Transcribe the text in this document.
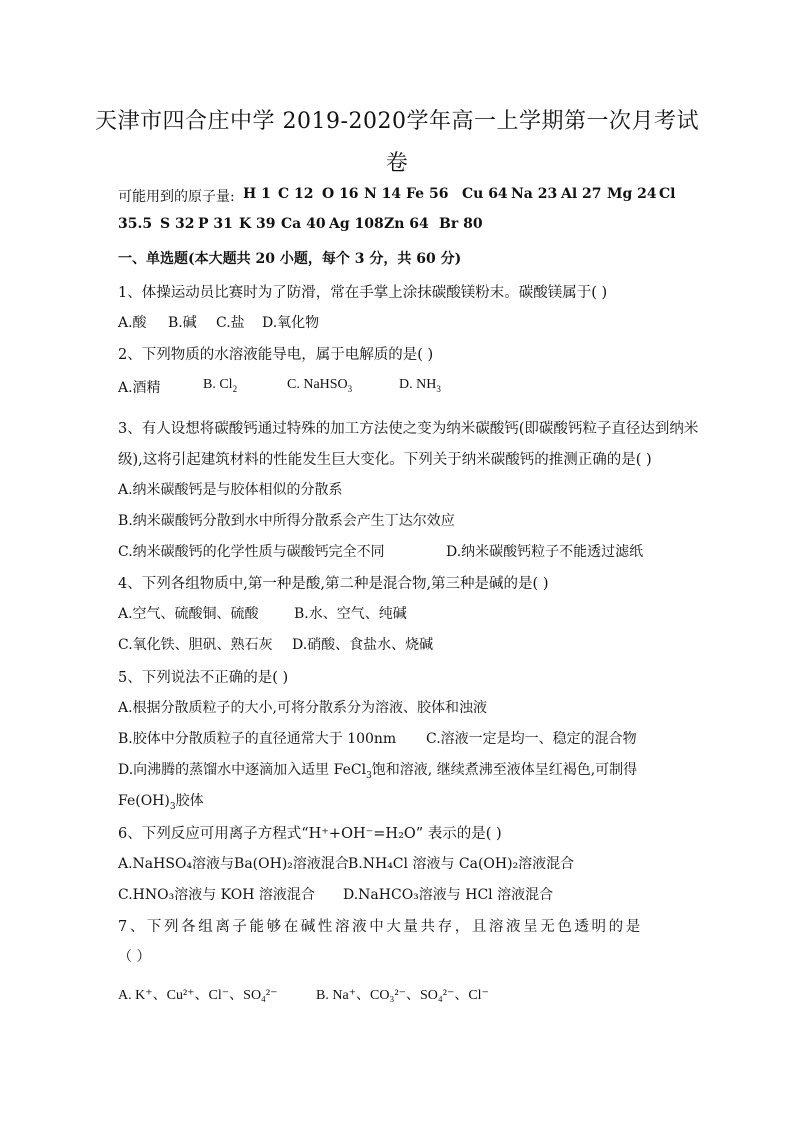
天津市四合庄中学 2019-2020学年高一上学期第一次月考试
卷
可能用到的原子量: H 1 C 12 O 16 N 14 Fe 56 Cu 64 Na 23 Al 27 Mg 24 Cl
35.5 S 32 P 31 K 39 Ca 40 Ag 108 Zn 64 Br 80
一、单选题(本大题共 20 小题，每个 3 分，共 60 分)
1、体操运动员比赛时为了防滑，常在手掌上涂抹碳酸镁粉末。碳酸镁属于( )
A.酸 B.碱 C.盐 D.氧化物
2、下列物质的水溶液能导电，属于电解质的是( )
A.酒精	B. $Cl_2$	C. NaHSO$_3$	D. $NH_3$
3、有人设想将碳酸钙通过特殊的加工方法使之变为纳米碳酸钙(即碳酸钙粒子直径达到纳米
级),这将引起建筑材料的性能发生巨大变化。下列关于纳米碳酸钙的推测正确的是( )
A.纳米碳酸钙是与胶体相似的分散系
B.纳米碳酸钙分散到水中所得分散系会产生丁达尔效应
C.纳米碳酸钙的化学性质与碳酸钙完全不同	D.纳米碳酸钙粒子不能透过滤纸
4、下列各组物质中,第一种是酸,第二种是混合物,第三种是碱的是( )
A.空气、硫酸铜、硫酸	B.水、空气、纯碱
C.氧化铁、胆矾、熟石灰 D.硝酸、食盐水、烧碱
5、下列说法不正确的是( )
A.根据分散质粒子的大小,可将分散系分为溶液、胶体和浊液
B.胶体中分散质粒子的直径通常大于 100nm C.溶液一定是均一、稳定的混合物
D.向沸腾的蒸馏水中逐滴加入适里 FeCl$_3$饱和溶液, 继续煮沸至液体呈红褐色,可制得
$Fe(OH)_3$胶体
6、下列反应可用离子方程式“H⁺+OH⁻=H₂O” 表示的是( )
A.NaHSO₄溶液与Ba(OH)₂溶液混合 B.NH₄Cl 溶液与 Ca(OH)₂溶液混合
C.HNO₃溶液与 KOH 溶液混合 D.NaHCO₃溶液与 HCl 溶液混合
7、下列各组离子能够在碱性溶液中大量共存，且溶液呈无色透明的是
（ ）
A. K⁺、Cu²⁺、Cl⁻、SO₄²⁻	B. Na⁺、CO₃²⁻、SO₄²⁻、Cl⁻
